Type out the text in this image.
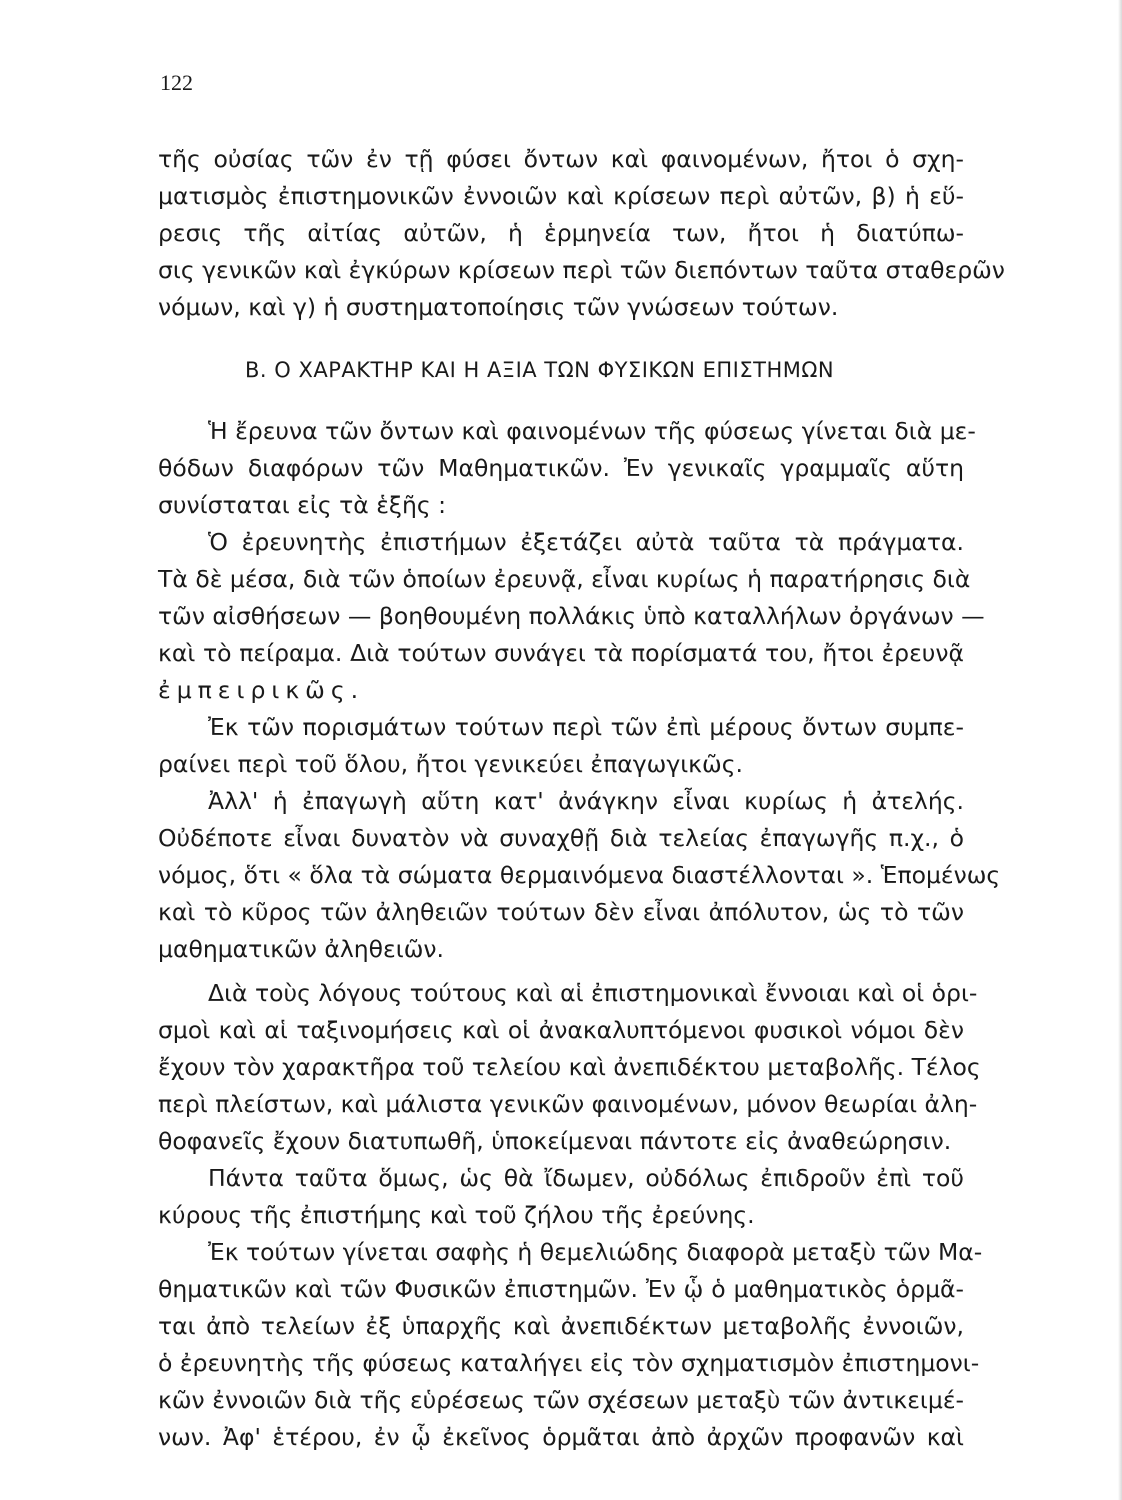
122
τῆς οὐσίας τῶν ἐν τῇ φύσει ὄντων καὶ φαινομένων, ἤτοι ὁ σχη-
ματισμὸς ἐπιστημονικῶν ἐννοιῶν καὶ κρίσεων περὶ αὐτῶν, β) ἡ εὕ-
ρεσις τῆς αἰτίας αὐτῶν, ἡ ἑρμηνεία των, ἤτοι ἡ διατύπω-
σις γενικῶν καὶ ἐγκύρων κρίσεων περὶ τῶν διεπόντων ταῦτα σταθερῶν
νόμων, καὶ γ) ἡ συστηματοποίησις τῶν γνώσεων τούτων.
Β. Ο ΧΑΡΑΚΤΗΡ ΚΑΙ Η ΑΞΙΑ ΤΩΝ ΦΥΣΙΚΩΝ ΕΠΙΣΤΗΜΩΝ
Ἡ ἔρευνα τῶν ὄντων καὶ φαινομένων τῆς φύσεως γίνεται διὰ με-
θόδων διαφόρων τῶν Μαθηματικῶν. Ἐν γενικαῖς γραμμαῖς αὕτη
συνίσταται εἰς τὰ ἑξῆς :
Ὁ ἐρευνητὴς ἐπιστήμων ἐξετάζει αὐτὰ ταῦτα τὰ πράγματα.
Τὰ δὲ μέσα, διὰ τῶν ὁποίων ἐρευνᾷ, εἶναι κυρίως ἡ παρατήρησις διὰ
τῶν αἰσθήσεων — βοηθουμένη πολλάκις ὑπὸ καταλλήλων ὀργάνων —
καὶ τὸ πείραμα. Διὰ τούτων συνάγει τὰ πορίσματά του, ἤτοι ἐρευνᾷ
ἐμπειρικῶς.
Ἐκ τῶν πορισμάτων τούτων περὶ τῶν ἐπὶ μέρους ὄντων συμπε-
ραίνει περὶ τοῦ ὅλου, ἤτοι γενικεύει ἐπαγωγικῶς.
Ἀλλ' ἡ ἐπαγωγὴ αὕτη κατ' ἀνάγκην εἶναι κυρίως ἡ ἀτελής.
Οὐδέποτε εἶναι δυνατὸν νὰ συναχθῇ διὰ τελείας ἐπαγωγῆς π.χ., ὁ
νόμος, ὅτι « ὅλα τὰ σώματα θερμαινόμενα διαστέλλονται ». Ἑπομένως
καὶ τὸ κῦρος τῶν ἀληθειῶν τούτων δὲν εἶναι ἀπόλυτον, ὡς τὸ τῶν
μαθηματικῶν ἀληθειῶν.
Διὰ τοὺς λόγους τούτους καὶ αἱ ἐπιστημονικαὶ ἔννοιαι καὶ οἱ ὁρι-
σμοὶ καὶ αἱ ταξινομήσεις καὶ οἱ ἀνακαλυπτόμενοι φυσικοὶ νόμοι δὲν
ἔχουν τὸν χαρακτῆρα τοῦ τελείου καὶ ἀνεπιδέκτου μεταβολῆς. Τέλος
περὶ πλείστων, καὶ μάλιστα γενικῶν φαινομένων, μόνον θεωρίαι ἀλη-
θοφανεῖς ἔχουν διατυπωθῆ, ὑποκείμεναι πάντοτε εἰς ἀναθεώρησιν.
Πάντα ταῦτα ὅμως, ὡς θὰ ἴδωμεν, οὐδόλως ἐπιδροῦν ἐπὶ τοῦ
κύρους τῆς ἐπιστήμης καὶ τοῦ ζήλου τῆς ἐρεύνης.
Ἐκ τούτων γίνεται σαφὴς ἡ θεμελιώδης διαφορὰ μεταξὺ τῶν Μα-
θηματικῶν καὶ τῶν Φυσικῶν ἐπιστημῶν. Ἐν ᾧ ὁ μαθηματικὸς ὁρμᾶ-
ται ἀπὸ τελείων ἐξ ὑπαρχῆς καὶ ἀνεπιδέκτων μεταβολῆς ἐννοιῶν,
ὁ ἐρευνητὴς τῆς φύσεως καταλήγει εἰς τὸν σχηματισμὸν ἐπιστημονι-
κῶν ἐννοιῶν διὰ τῆς εὑρέσεως τῶν σχέσεων μεταξὺ τῶν ἀντικειμέ-
νων. Ἀφ' ἑτέρου, ἐν ᾧ ἐκεῖνος ὁρμᾶται ἀπὸ ἀρχῶν προφανῶν καὶ
